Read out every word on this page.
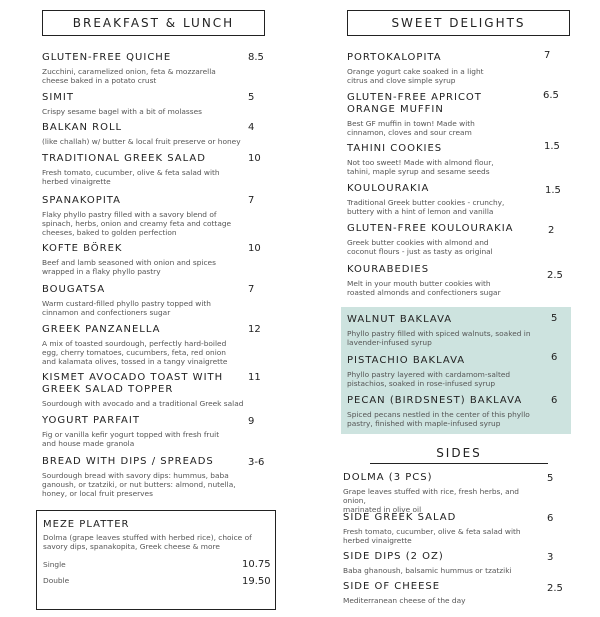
BREAKFAST & LUNCH	SWEET DELIGHTS
GLUTEN-FREE QUICHE
Zucchini, caramelized onion, feta & mozzarella
cheese baked in a potato crust
8.5
SIMIT
Crispy sesame bagel with a bit of molasses
5
BALKAN ROLL
(like challah) w/ butter & local fruit preserve or honey
4
TRADITIONAL GREEK SALAD
Fresh tomato, cucumber, olive & feta salad with
herbed vinaigrette
10
SPANAKOPITA
Flaky phyllo pastry filled with a savory blend of
spinach, herbs, onion and creamy feta and cottage
cheeses, baked to golden perfection
7
KOFTE BÖREK
Beef and lamb seasoned with onion and spices
wrapped in a flaky phyllo pastry
10
BOUGATSA
Warm custard-filled phyllo pastry topped with
cinnamon and confectioners sugar
7
GREEK PANZANELLA
A mix of toasted sourdough, perfectly hard-boiled
egg, cherry tomatoes, cucumbers, feta, red onion
and kalamata olives, tossed in a tangy vinaigrette
12
KISMET AVOCADO TOAST WITH
GREEK SALAD TOPPER
Sourdough with avocado and a traditional Greek salad
11
YOGURT PARFAIT
Fig or vanilla kefir yogurt topped with fresh fruit
and house made granola
9
BREAD WITH DIPS / SPREADS
Sourdough bread with savory dips: hummus, baba
ganoush, or tzatziki, or nut butters: almond, nutella,
honey, or local fruit preserves
3-6
MEZE PLATTER
Dolma (grape leaves stuffed with herbed rice), choice of
savory dips, spanakopita, Greek cheese & more
Single	10.75
Double	19.50
PORTOKALOPITA
Orange yogurt cake soaked in a light
citrus and clove simple syrup
7
GLUTEN-FREE APRICOT
ORANGE MUFFIN
Best GF muffin in town! Made with
cinnamon, cloves and sour cream
6.5
TAHINI COOKIES
Not too sweet! Made with almond flour,
tahini, maple syrup and sesame seeds
1.5
KOULOURAKIA
Traditional Greek butter cookies - crunchy,
buttery with a hint of lemon and vanilla
1.5
GLUTEN-FREE KOULOURAKIA
Greek butter cookies with almond and
coconut flours - just as tasty as original
2
KOURABEDIES
Melt in your mouth butter cookies with
roasted almonds and confectioners sugar
2.5
WALNUT BAKLAVA
Phyllo pastry filled with spiced walnuts, soaked in
lavender-infused syrup
5
PISTACHIO BAKLAVA
Phyllo pastry layered with cardamom-salted
pistachios, soaked in rose-infused syrup
6
PECAN (BIRDSNEST) BAKLAVA
Spiced pecans nestled in the center of this phyllo
pastry, finished with maple-infused syrup
6
SIDES
DOLMA (3 PCS)
Grape leaves stuffed with rice, fresh herbs, and onion,
marinated in olive oil
5
SIDE GREEK SALAD
Fresh tomato, cucumber, olive & feta salad with
herbed vinaigrette
6
SIDE DIPS (2 OZ)
Baba ghanoush, balsamic hummus or tzatziki
3
SIDE OF CHEESE
Mediterranean cheese of the day
2.5
